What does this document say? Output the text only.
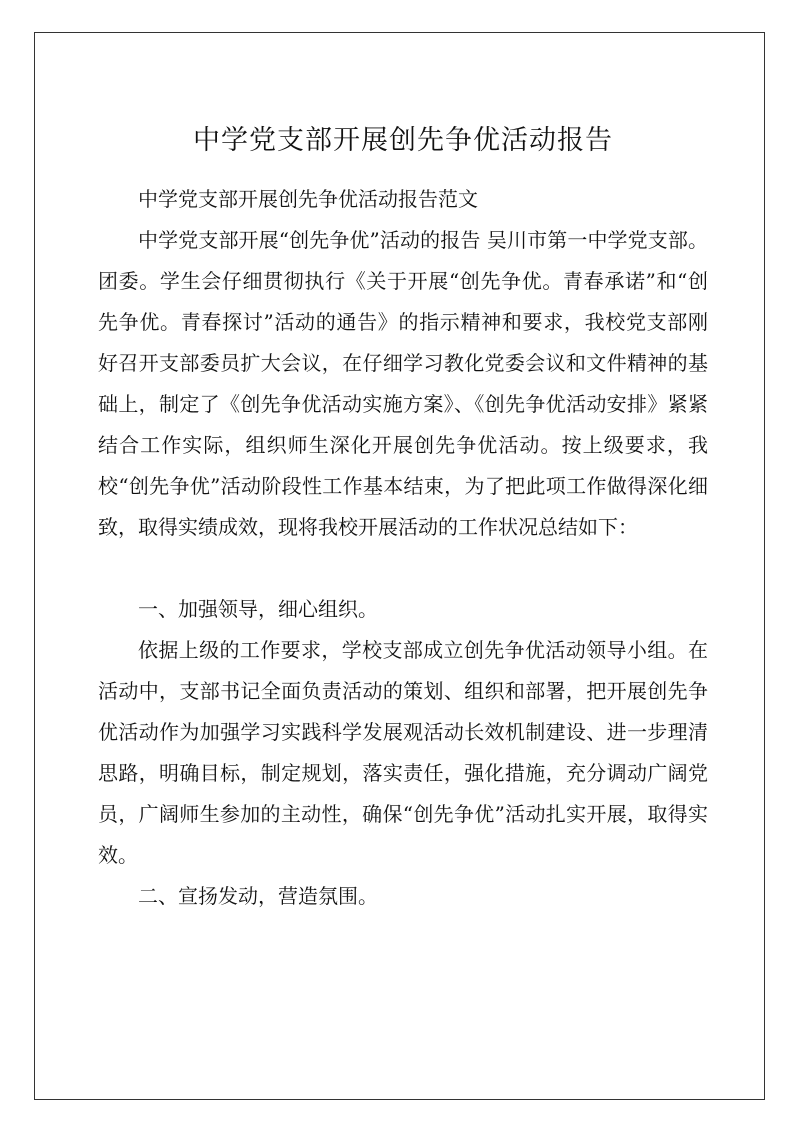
中学党支部开展创先争优活动报告

中学党支部开展创先争优活动报告范文

中学党支部开展“创先争优”活动的报告 吴川市第一中学党支部。团委。学生会仔细贯彻执行《关于开展“创先争优。青春承诺”和“创先争优。青春探讨”活动的通告》的指示精神和要求，我校党支部刚好召开支部委员扩大会议，在仔细学习教化党委会议和文件精神的基础上，制定了《创先争优活动实施方案》、《创先争优活动安排》紧紧结合工作实际，组织师生深化开展创先争优活动。按上级要求，我校“创先争优”活动阶段性工作基本结束，为了把此项工作做得深化细致，取得实绩成效，现将我校开展活动的工作状况总结如下：

一、加强领导，细心组织。

依据上级的工作要求，学校支部成立创先争优活动领导小组。在活动中，支部书记全面负责活动的策划、组织和部署，把开展创先争优活动作为加强学习实践科学发展观活动长效机制建设、进一步理清思路，明确目标，制定规划，落实责任，强化措施，充分调动广阔党员，广阔师生参加的主动性，确保“创先争优”活动扎实开展，取得实效。

二、宣扬发动，营造氛围。
